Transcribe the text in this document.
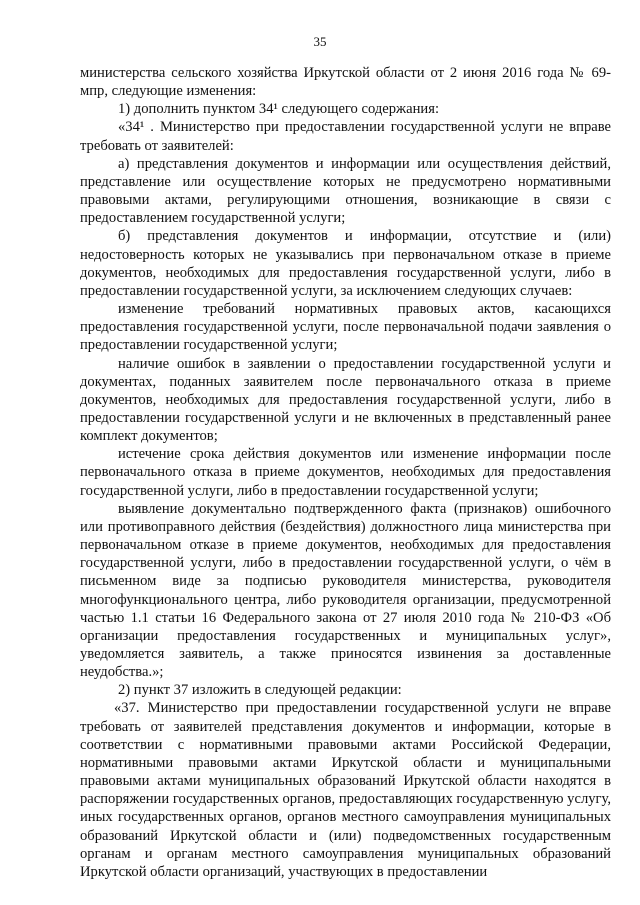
35

министерства сельского хозяйства Иркутской области от 2 июня 2016 года № 69-мпр, следующие изменения:

1) дополнить пунктом 34¹ следующего содержания:

«34¹ . Министерство при предоставлении государственной услуги не вправе требовать от заявителей:

а) представления документов и информации или осуществления действий, представление или осуществление которых не предусмотрено нормативными правовыми актами, регулирующими отношения, возникающие в связи с предоставлением государственной услуги;

б) представления документов и информации, отсутствие и (или) недостоверность которых не указывались при первоначальном отказе в приеме документов, необходимых для предоставления государственной услуги, либо в предоставлении государственной услуги, за исключением следующих случаев:

изменение требований нормативных правовых актов, касающихся предоставления государственной услуги, после первоначальной подачи заявления о предоставлении государственной услуги;

наличие ошибок в заявлении о предоставлении государственной услуги и документах, поданных заявителем после первоначального отказа в приеме документов, необходимых для предоставления государственной услуги, либо в предоставлении государственной услуги и не включенных в представленный ранее комплект документов;

истечение срока действия документов или изменение информации после первоначального отказа в приеме документов, необходимых для предоставления государственной услуги, либо в предоставлении государственной услуги;

выявление документально подтвержденного факта (признаков) ошибочного или противоправного действия (бездействия) должностного лица министерства при первоначальном отказе в приеме документов, необходимых для предоставления государственной услуги, либо в предоставлении государственной услуги, о чём в письменном виде за подписью руководителя министерства, руководителя многофункционального центра, либо руководителя организации, предусмотренной частью 1.1 статьи 16 Федерального закона от 27 июля 2010 года № 210-ФЗ «Об организации предоставления государственных и муниципальных услуг», уведомляется заявитель, а также приносятся извинения за доставленные неудобства.»;

2) пункт 37 изложить в следующей редакции:

«37. Министерство при предоставлении государственной услуги не вправе требовать от заявителей представления документов и информации, которые в соответствии с нормативными правовыми актами Российской Федерации, нормативными правовыми актами Иркутской области и муниципальными правовыми актами муниципальных образований Иркутской области находятся в распоряжении государственных органов, предоставляющих государственную услугу, иных государственных органов, органов местного самоуправления муниципальных образований Иркутской области и (или) подведомственных государственным органам и органам местного самоуправления муниципальных образований Иркутской области организаций, участвующих в предоставлении
